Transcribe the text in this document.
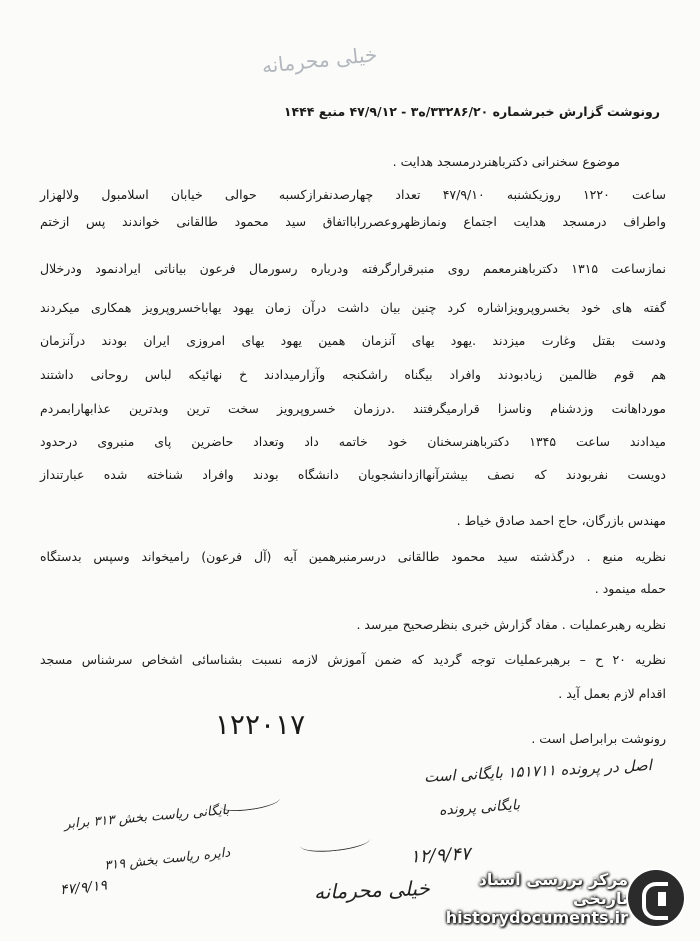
خیلی محرمانه
رونوشت گزارش خبرشماره ۳۳۲۸۶/۲۰/ه۳ - ۴۷/۹/۱۲ منبع ۱۴۴۴
موضوع سخنرانی دکترباهنردرمسجد هدایت .
ساعت ۱۲۲۰ روزیکشنبه ۴۷/۹/۱۰ تعداد چهارصدنفرازکسبه حوالی خیابان اسلامبول ولالهزار
واطراف درمسجد هدایت اجتماع ونمازظهروعصررابااتفاق سید محمود طالقانی خواندند پس ازختم
نمازساعت ۱۳۱۵ دکترباهنرمعمم روی منبرقرارگرفته ودرباره رسورمال فرعون بیاناتی ایرادنمود ودرخلال
گفته های خود بخسروپرویزاشاره کرد چنین بیان داشت درآن زمان یهود یهاباخسروپرویز همکاری میکردند
ودست بقتل وغارت میزدند .یهود یهای آنزمان همین یهود یهای امروزی ایران بودند درآنزمان
هم قوم ظالمین زیادبودند وافراد بیگناه راشکنجه وآزارمیدادند خ نهائیکه لباس روحانی داشتند
مورداهانت وزدشنام وناسزا قرارمیگرفتند .درزمان خسروپرویز سخت ترین وبدترین عذابهارابمردم
میدادند ساعت ۱۳۴۵ دکترباهنرسخنان خود خاتمه داد وتعداد حاضرین پای منبروی درحدود
دویست نفربودند که نصف بیشترآنهاازدانشجویان دانشگاه بودند وافراد شناخته شده عبارتنداز
مهندس بازرگان، حاج احمد صادق خیاط .
نظریه منبع . درگذشته سید محمود طالقانی درسرمنبرهمین آیه (آل فرعون) رامیخواند وسپس بدستگاه
حمله مینمود .
نظریه رهبرعملیات . مفاد گزارش خبری بنظرصحیح میرسد .
نظریه ۲۰ ح – برهبرعملیات توجه گردید که ضمن آموزش لازمه نسبت بشناسائی اشخاص سرشناس مسجد
اقدام لازم بعمل آید .
۱۲۲۰۱۷	رونوشت برابراصل است .
اصل در پرونده ۱۵۱۷۱۱ بایگانی است
بایگانی پرونده
بایگانی ریاست بخش ۳۱۳ برابر
۱۲/۹/۴۷
دایره ریاست بخش ۳۱۹
خیلی محرمانه
۴۷/۹/۱۹	مرکز بررسی اسناد تاریخی
historydocuments.ir
